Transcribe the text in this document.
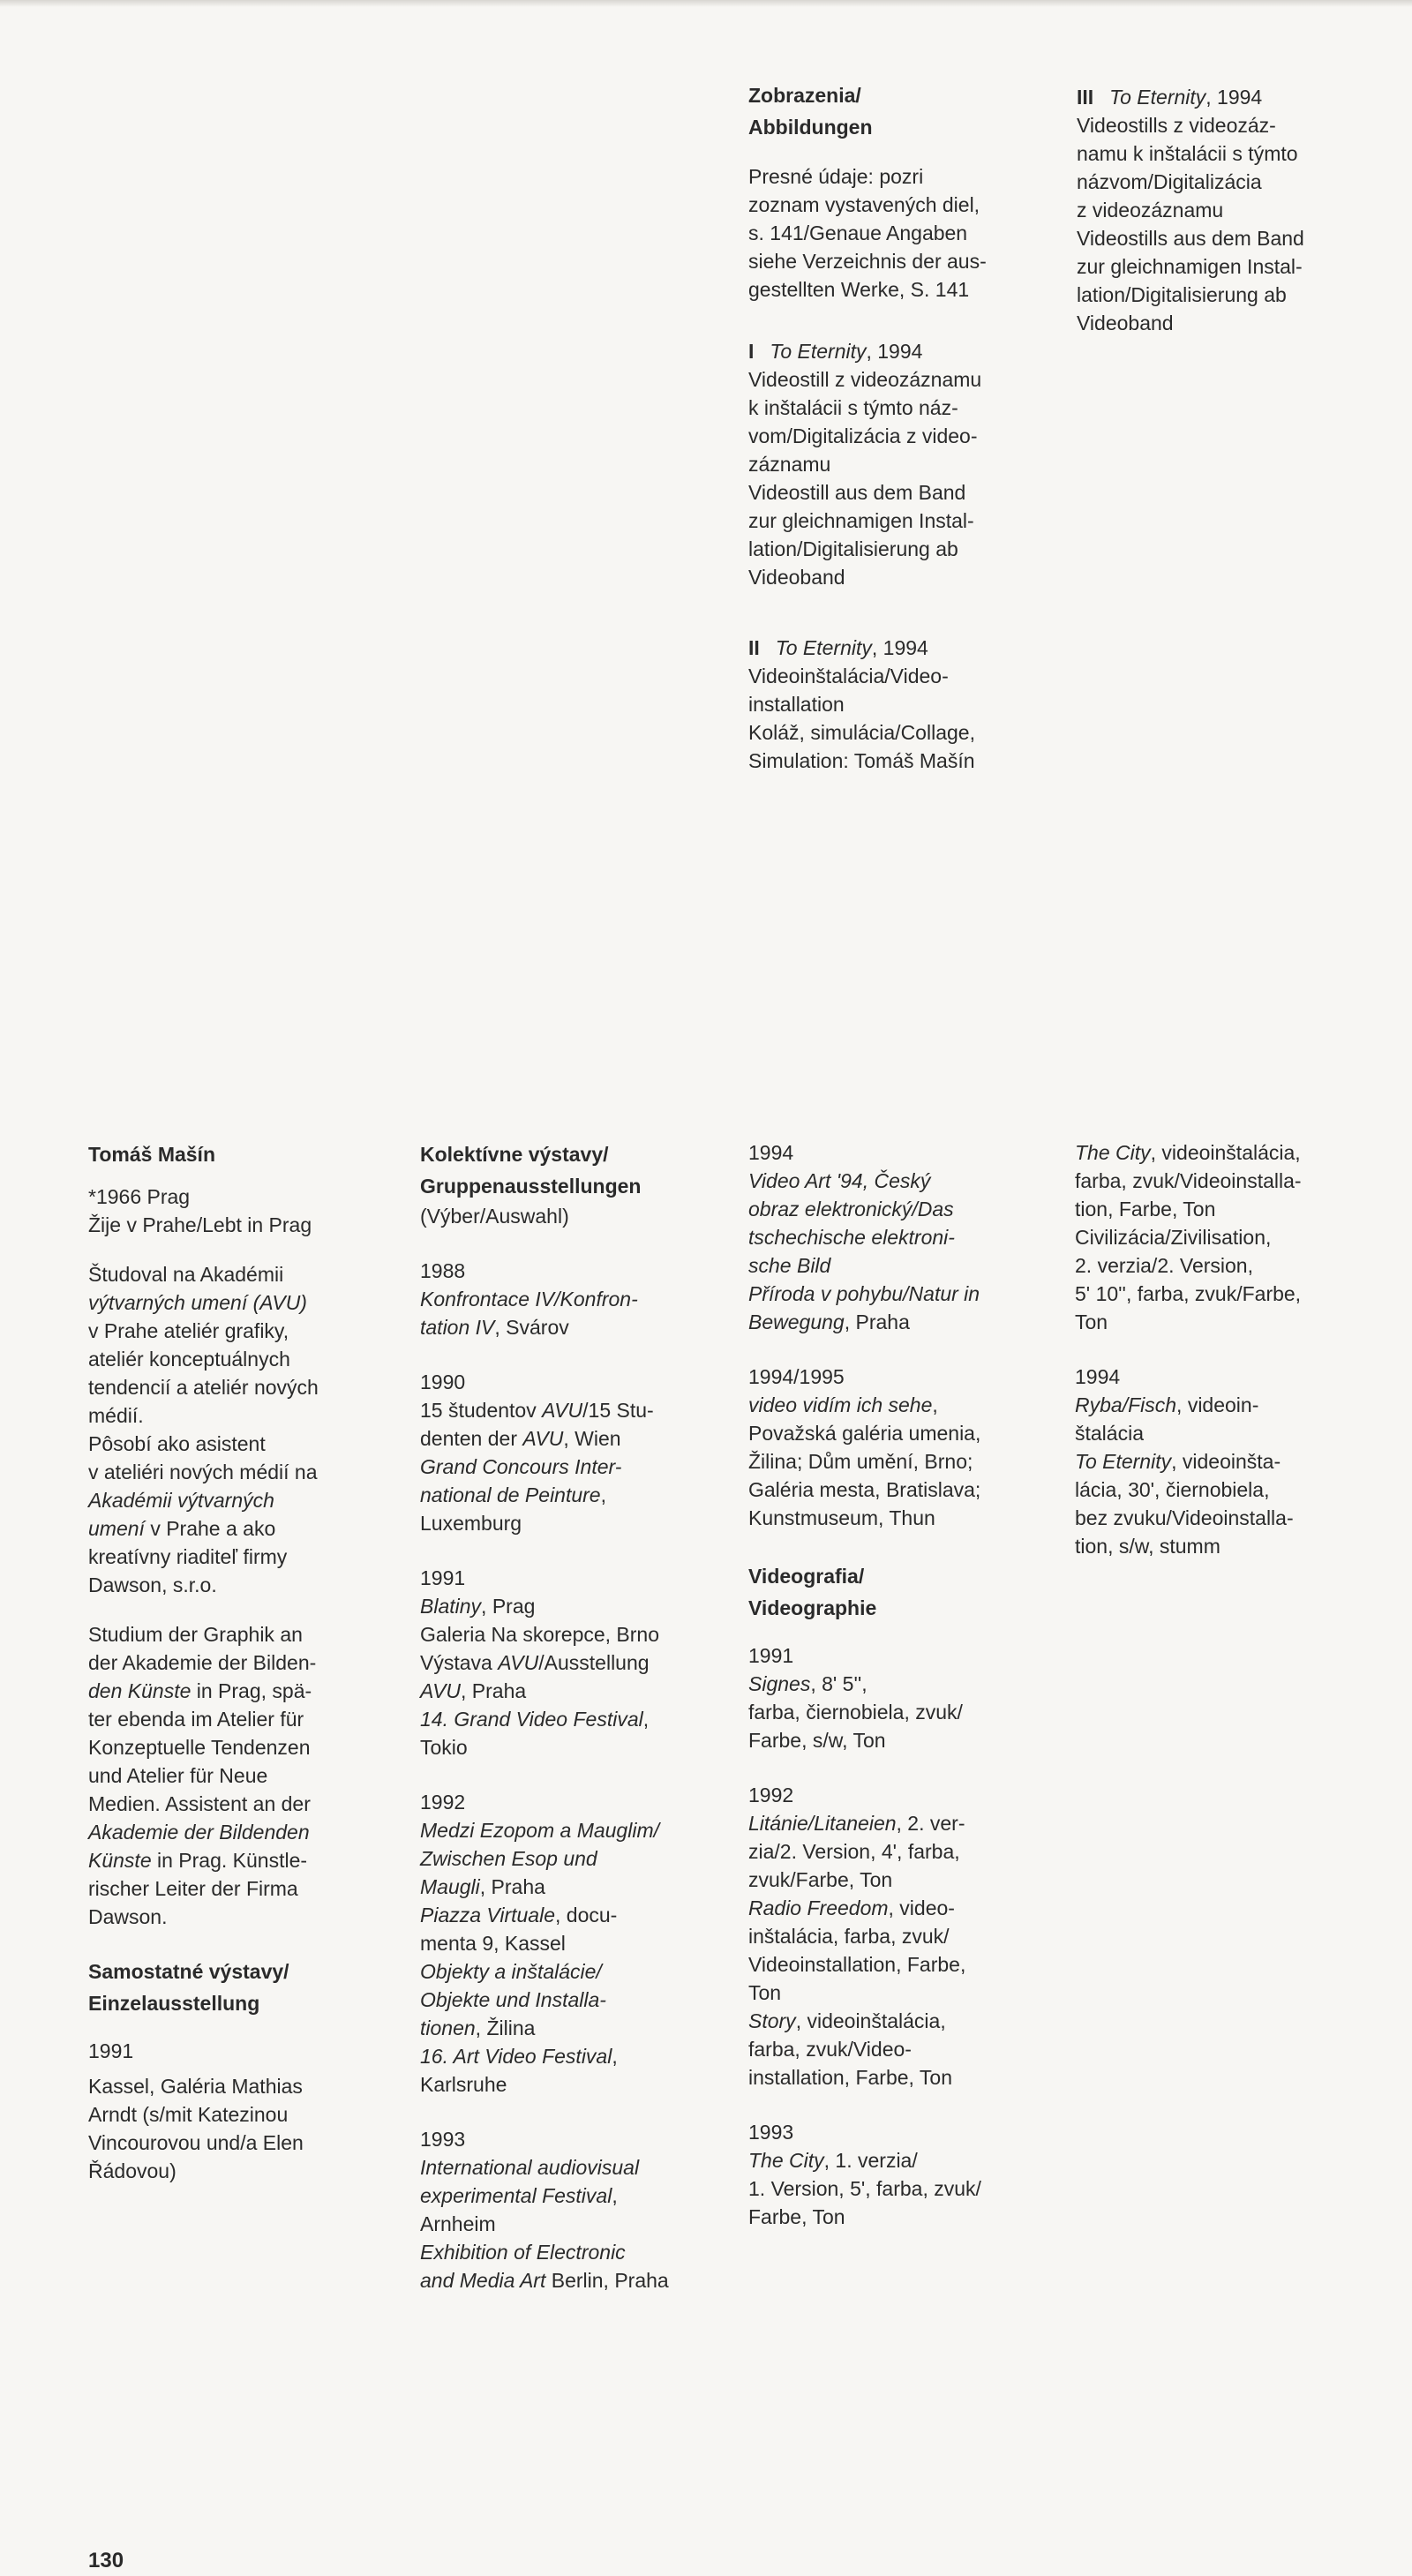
Zobrazenia/
Abbildungen

Presné údaje: pozri

zoznam vystavených diel,

s. 141/Genaue Angaben

siehe Verzeichnis der aus-

gestellten Werke, S. 141

I To Eternity, 1994

Videostill z videozáznamu

k inštalácii s týmto náz-

vom/Digitalizácia z video-

záznamu

Videostill aus dem Band

zur gleichnamigen Instal-

lation/Digitalisierung ab

Videoband

II To Eternity, 1994

Videoinštalácia/Video-

installation

Koláž, simulácia/Collage,

Simulation: Tomáš Mašín

III To Eternity, 1994

Videostills z videozáz-

namu k inštalácii s týmto

názvom/Digitalizácia

z videozáznamu

Videostills aus dem Band

zur gleichnamigen Instal-

lation/Digitalisierung ab

Videoband

Tomáš Mašín

*1966 Prag

Žije v Prahe/Lebt in Prag

Študoval na Akadémii

výtvarných umení (AVU)

v Prahe ateliér grafiky,

ateliér konceptuálnych

tendencií a ateliér nových

médií.

Pôsobí ako asistent

v ateliéri nových médií na

Akadémii výtvarných

umení v Prahe a ako

kreatívny riaditeľ firmy

Dawson, s.r.o.

Studium der Graphik an

der Akademie der Bilden-

den Künste in Prag, spä-

ter ebenda im Atelier für

Konzeptuelle Tendenzen

und Atelier für Neue

Medien. Assistent an der

Akademie der Bildenden

Künste in Prag. Künstle-

rischer Leiter der Firma

Dawson.

Samostatné výstavy/
Einzelausstellung

1991

Kassel, Galéria Mathias

Arndt (s/mit Katezinou

Vincourovou und/a Elen

Řádovou)

Kolektívne výstavy/
Gruppenausstellungen

(Výber/Auswahl)

1988

Konfrontace IV/Konfron-

tation IV, Svárov

1990

15 študentov AVU/15 Stu-

denten der AVU, Wien

Grand Concours Inter-

national de Peinture,

Luxemburg

1991

Blatiny, Prag

Galeria Na skorepce, Brno

Výstava AVU/Ausstellung

AVU, Praha

14. Grand Video Festival,

Tokio

1992

Medzi Ezopom a Mauglim/

Zwischen Esop und

Maugli, Praha

Piazza Virtuale, docu-

menta 9, Kassel

Objekty a inštalácie/

Objekte und Installa-

tionen, Žilina

16. Art Video Festival,

Karlsruhe

1993

International audiovisual

experimental Festival,

Arnheim

Exhibition of Electronic

and Media Art Berlin, Praha

1994

Video Art '94, Český

obraz elektronický/Das

tschechische elektroni-

sche Bild

Příroda v pohybu/Natur in

Bewegung, Praha

1994/1995

video vidím ich sehe,

Považská galéria umenia,

Žilina; Dům umění, Brno;

Galéria mesta, Bratislava;

Kunstmuseum, Thun

Videografia/
Videographie

1991

Signes, 8' 5'',

farba, čiernobiela, zvuk/

Farbe, s/w, Ton

1992

Litánie/Litaneien, 2. ver-

zia/2. Version, 4', farba,

zvuk/Farbe, Ton

Radio Freedom, video-

inštalácia, farba, zvuk/

Videoinstallation, Farbe,

Ton

Story, videoinštalácia,

farba, zvuk/Video-

installation, Farbe, Ton

1993

The City, 1. verzia/

1. Version, 5', farba, zvuk/

Farbe, Ton

The City, videoinštalácia,

farba, zvuk/Videoinstalla-

tion, Farbe, Ton

Civilizácia/Zivilisation,

2. verzia/2. Version,

5' 10'', farba, zvuk/Farbe,

Ton

1994

Ryba/Fisch, videoin-

štalácia

To Eternity, videoinšta-

lácia, 30', čiernobiela,

bez zvuku/Videoinstalla-

tion, s/w, stumm

130
